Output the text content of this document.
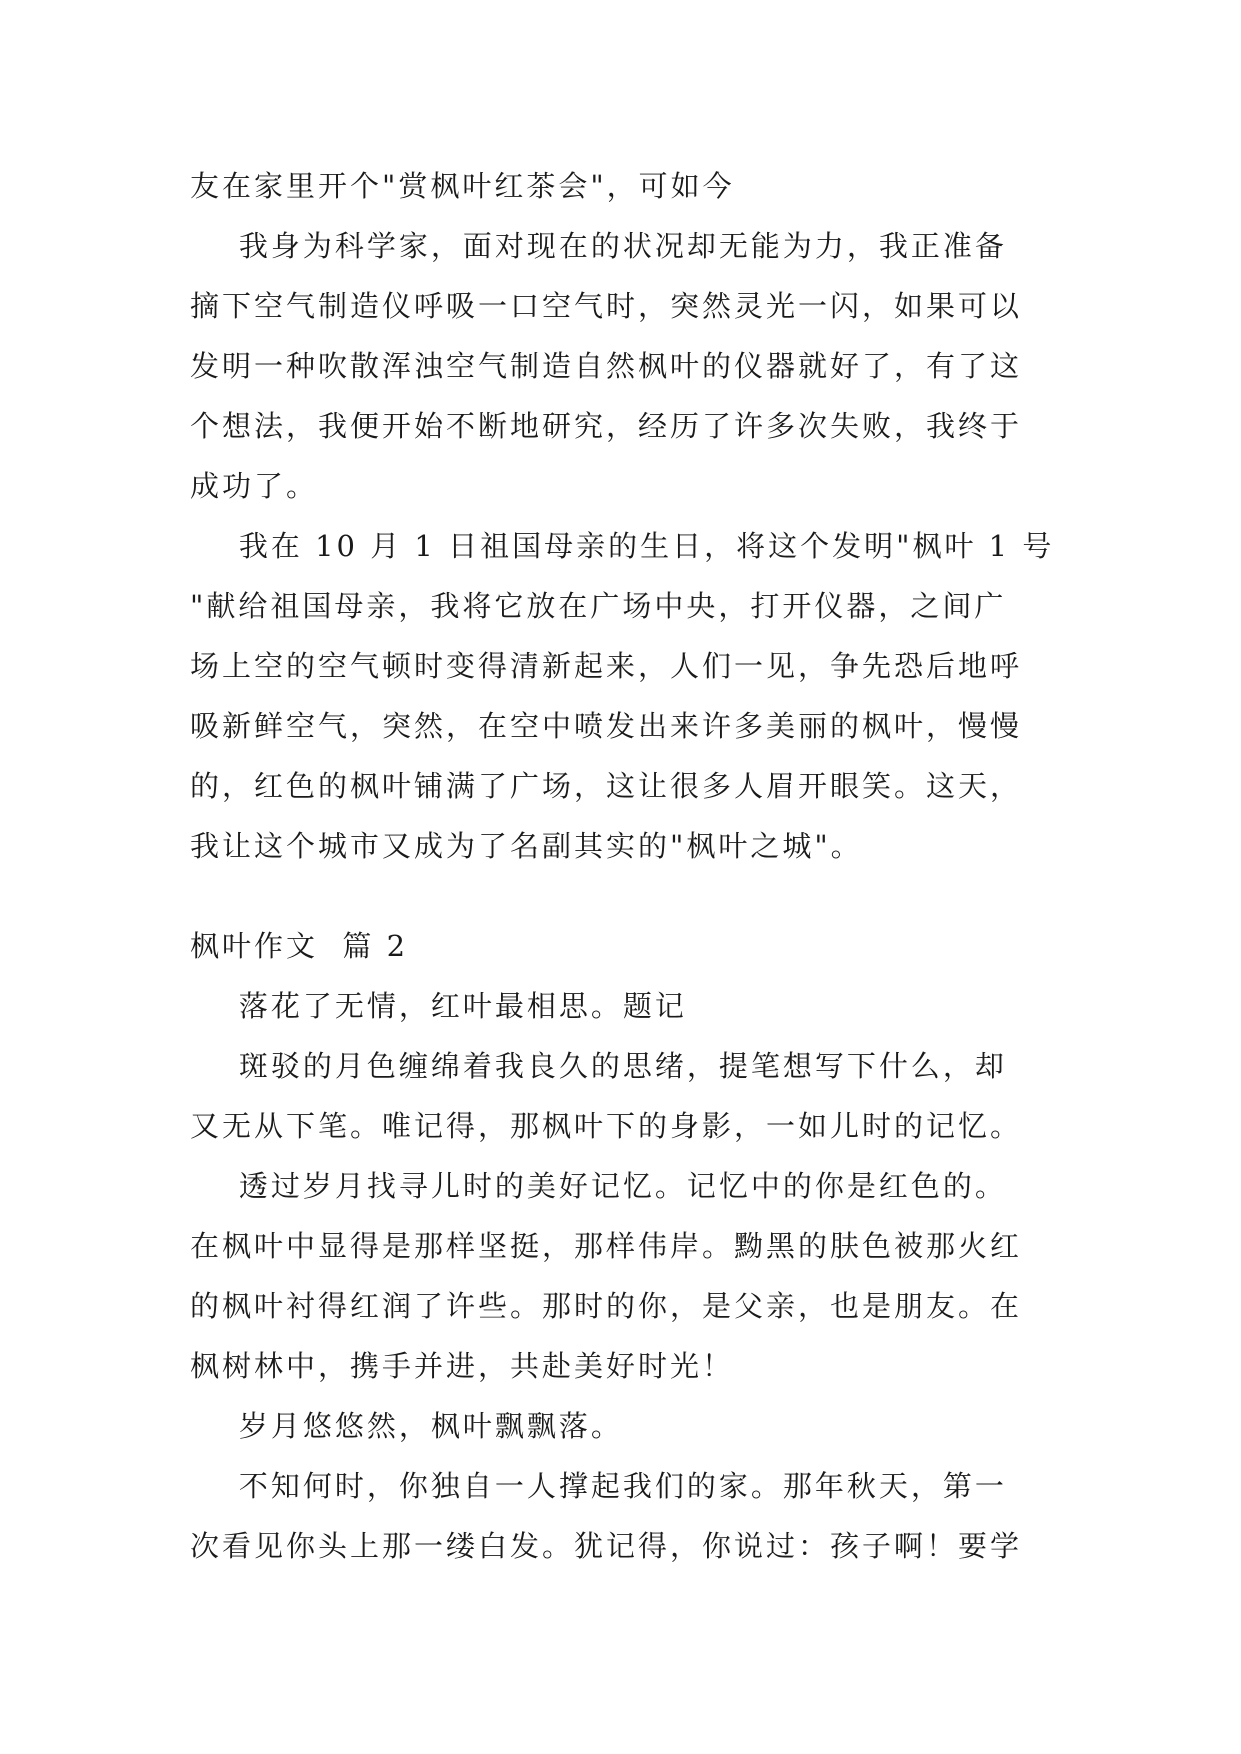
友在家里开个"赏枫叶红茶会"，可如今
我身为科学家，面对现在的状况却无能为力，我正准备
摘下空气制造仪呼吸一口空气时，突然灵光一闪，如果可以
发明一种吹散浑浊空气制造自然枫叶的仪器就好了，有了这
个想法，我便开始不断地研究，经历了许多次失败，我终于
成功了。
我在 10 月 1 日祖国母亲的生日，将这个发明"枫叶 1 号
"献给祖国母亲，我将它放在广场中央，打开仪器，之间广
场上空的空气顿时变得清新起来，人们一见，争先恐后地呼
吸新鲜空气，突然，在空中喷发出来许多美丽的枫叶，慢慢
的，红色的枫叶铺满了广场，这让很多人眉开眼笑。这天，
我让这个城市又成为了名副其实的"枫叶之城"。
枫叶作文  篇 2
落花了无情，红叶最相思。题记
斑驳的月色缠绵着我良久的思绪，提笔想写下什么，却
又无从下笔。唯记得，那枫叶下的身影，一如儿时的记忆。
透过岁月找寻儿时的美好记忆。记忆中的你是红色的。
在枫叶中显得是那样坚挺，那样伟岸。黝黑的肤色被那火红
的枫叶衬得红润了许些。那时的你，是父亲，也是朋友。在
枫树林中，携手并进，共赴美好时光！
岁月悠悠然，枫叶飘飘落。
不知何时，你独自一人撑起我们的家。那年秋天，第一
次看见你头上那一缕白发。犹记得，你说过：孩子啊！要学
